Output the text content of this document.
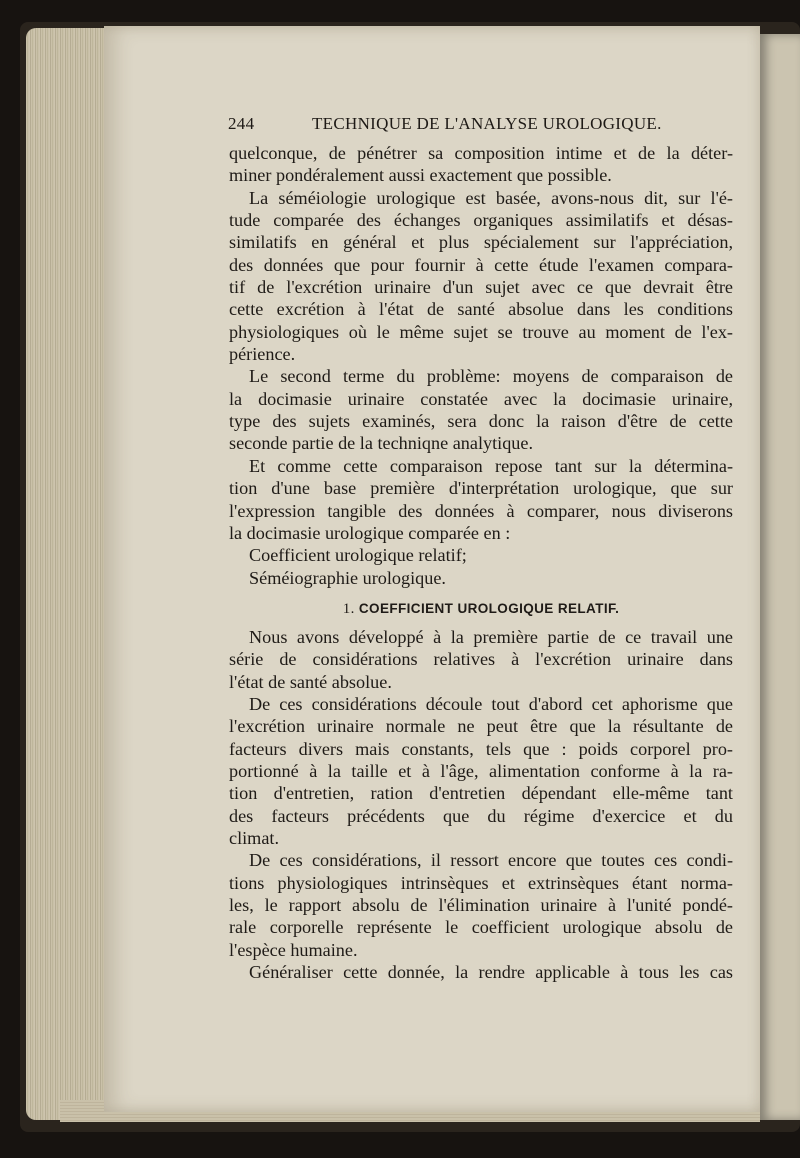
244	TECHNIQUE DE L'ANALYSE UROLOGIQUE.
quelconque, de pénétrer sa composition intime et de la déter-
miner pondéralement aussi exactement que possible.
La séméiologie urologique est basée, avons-nous dit, sur l'é-
tude comparée des échanges organiques assimilatifs et désas-
similatifs en général et plus spécialement sur l'appréciation,
des données que pour fournir à cette étude l'examen compara-
tif de l'excrétion urinaire d'un sujet avec ce que devrait être
cette excrétion à l'état de santé absolue dans les conditions
physiologiques où le même sujet se trouve au moment de l'ex-
périence.
Le second terme du problème: moyens de comparaison de
la docimasie urinaire constatée avec la docimasie urinaire,
type des sujets examinés, sera donc la raison d'être de cette
seconde partie de la techniqne analytique.
Et comme cette comparaison repose tant sur la détermina-
tion d'une base première d'interprétation urologique, que sur
l'expression tangible des données à comparer, nous diviserons
la docimasie urologique comparée en :
Coefficient urologique relatif;
Séméiographie urologique.
1. COEFFICIENT UROLOGIQUE RELATIF.
Nous avons développé à la première partie de ce travail une
série de considérations relatives à l'excrétion urinaire dans
l'état de santé absolue.
De ces considérations découle tout d'abord cet aphorisme que
l'excrétion urinaire normale ne peut être que la résultante de
facteurs divers mais constants, tels que : poids corporel pro-
portionné à la taille et à l'âge, alimentation conforme à la ra-
tion d'entretien, ration d'entretien dépendant elle-même tant
des facteurs précédents que du régime d'exercice et du
climat.
De ces considérations, il ressort encore que toutes ces condi-
tions physiologiques intrinsèques et extrinsèques étant norma-
les, le rapport absolu de l'élimination urinaire à l'unité pondé-
rale corporelle représente le coefficient urologique absolu de
l'espèce humaine.
Généraliser cette donnée, la rendre applicable à tous les cas
